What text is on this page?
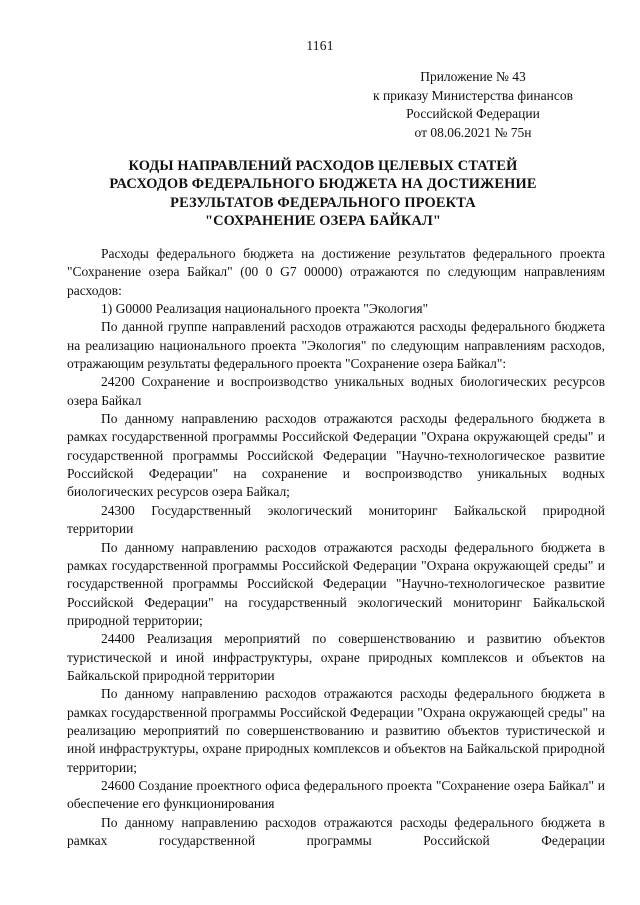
1161
Приложение № 43
к приказу Министерства финансов
Российской Федерации
от 08.06.2021 № 75н
КОДЫ НАПРАВЛЕНИЙ РАСХОДОВ ЦЕЛЕВЫХ СТАТЕЙ
РАСХОДОВ ФЕДЕРАЛЬНОГО БЮДЖЕТА НА ДОСТИЖЕНИЕ
РЕЗУЛЬТАТОВ ФЕДЕРАЛЬНОГО ПРОЕКТА
"СОХРАНЕНИЕ ОЗЕРА БАЙКАЛ"

Расходы федерального бюджета на достижение результатов федерального проекта "Сохранение озера Байкал" (00 0 G7 00000) отражаются по следующим направлениям расходов:

1) G0000 Реализация национального проекта "Экология"

По данной группе направлений расходов отражаются расходы федерального бюджета на реализацию национального проекта "Экология" по следующим направлениям расходов, отражающим результаты федерального проекта "Сохранение озера Байкал":

24200 Сохранение и воспроизводство уникальных водных биологических ресурсов озера Байкал

По данному направлению расходов отражаются расходы федерального бюджета в рамках государственной программы Российской Федерации "Охрана окружающей среды" и государственной программы Российской Федерации "Научно-технологическое развитие Российской Федерации" на сохранение и воспроизводство уникальных водных биологических ресурсов озера Байкал;

24300 Государственный экологический мониторинг Байкальской природной территории

По данному направлению расходов отражаются расходы федерального бюджета в рамках государственной программы Российской Федерации "Охрана окружающей среды" и государственной программы Российской Федерации "Научно-технологическое развитие Российской Федерации" на государственный экологический мониторинг Байкальской природной территории;

24400 Реализация мероприятий по совершенствованию и развитию объектов туристической и иной инфраструктуры, охране природных комплексов и объектов на Байкальской природной территории

По данному направлению расходов отражаются расходы федерального бюджета в рамках государственной программы Российской Федерации "Охрана окружающей среды" на реализацию мероприятий по совершенствованию и развитию объектов туристической и иной инфраструктуры, охране природных комплексов и объектов на Байкальской природной территории;

24600 Создание проектного офиса федерального проекта "Сохранение озера Байкал" и обеспечение его функционирования

По данному направлению расходов отражаются расходы федерального бюджета в рамках государственной программы Российской Федерации
